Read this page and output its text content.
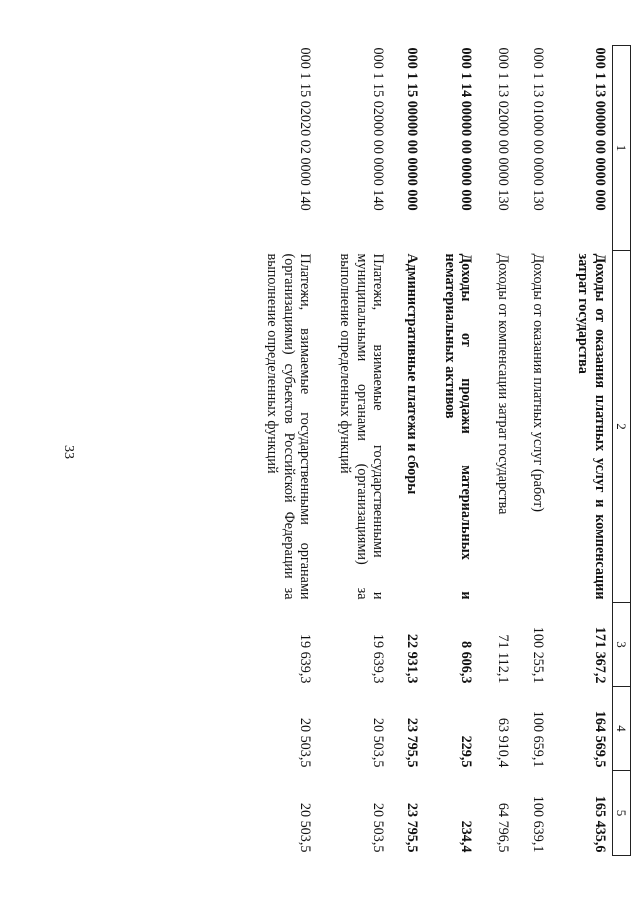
33
1	2	3	4	5
000 1 13 00000 00 0000 000	Доходы от оказания платных услуг и компенсации затрат государства	171 367,2	164 569,5	165 435,6
000 1 13 01000 00 0000 130	Доходы от оказания платных услуг (работ)	100 255,1	100 659,1	100 639,1
000 1 13 02000 00 0000 130	Доходы от компенсации затрат государства	71 112,1	63 910,4	64 796,5
000 1 14 00000 00 0000 000	Доходы от продажи материальных и нематериальных активов	8 606,3	229,5	234,4
000 1 15 00000 00 0000 000	Административные платежи и сборы	22 931,3	23 795,5	23 795,5
000 1 15 02000 00 0000 140	Платежи, взимаемые государственными и муниципальными органами (организациями) за выполнение определенных функций	19 639,3	20 503,5	20 503,5
000 1 15 02020 02 0000 140	Платежи, взимаемые государственными органами (организациями) субъектов Российской Федерации за выполнение определенных функций	19 639,3	20 503,5	20 503,5
